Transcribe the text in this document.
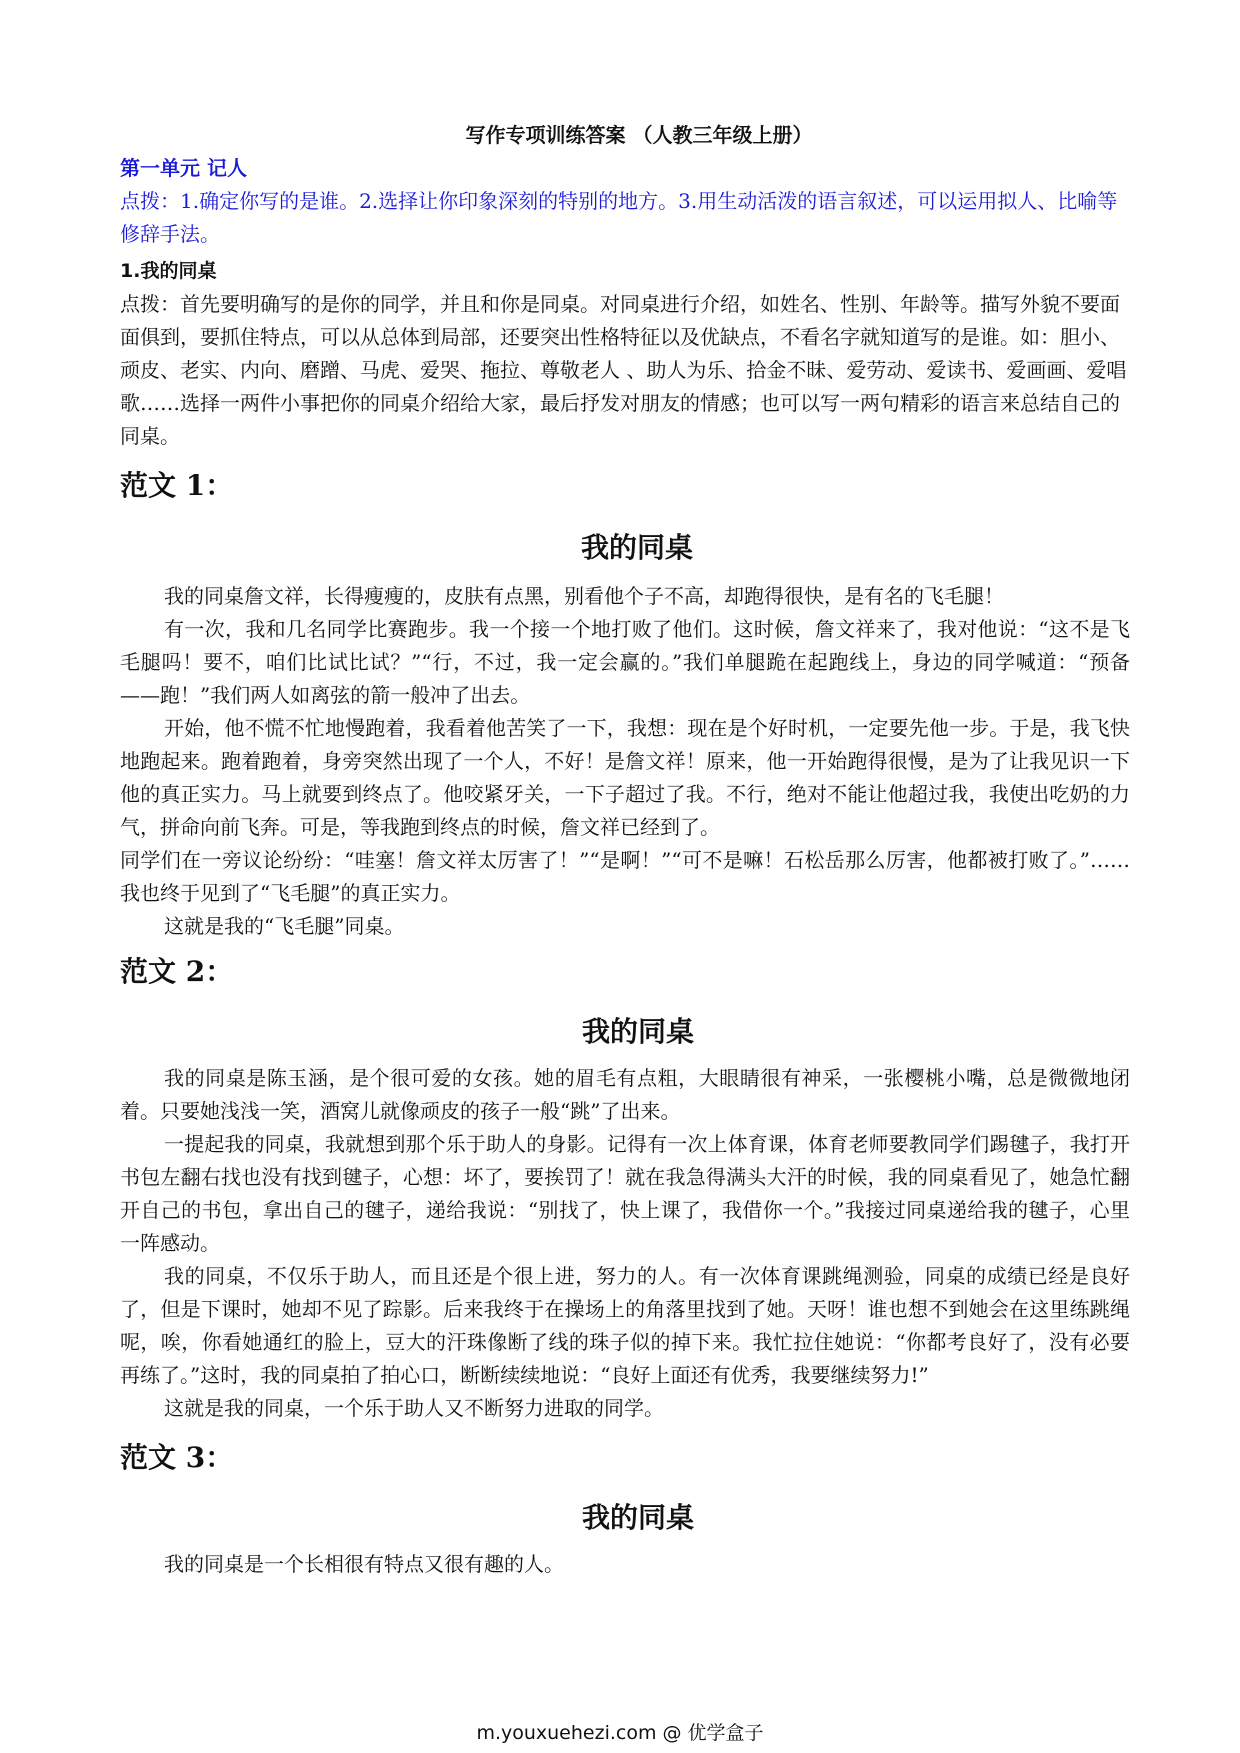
写作专项训练答案 （人教三年级上册）
第一单元 记人
点拨：1.确定你写的是谁。2.选择让你印象深刻的特别的地方。3.用生动活泼的语言叙述，可以运用拟人、比喻等修辞手法。
1.我的同桌
点拨：首先要明确写的是你的同学，并且和你是同桌。对同桌进行介绍，如姓名、性别、年龄等。描写外貌不要面面俱到，要抓住特点，可以从总体到局部，还要突出性格特征以及优缺点，不看名字就知道写的是谁。如：胆小、顽皮、老实、内向、磨蹭、马虎、爱哭、拖拉、尊敬老人 、助人为乐、拾金不昧、爱劳动、爱读书、爱画画、爱唱歌……选择一两件小事把你的同桌介绍给大家，最后抒发对朋友的情感；也可以写一两句精彩的语言来总结自己的同桌。
范文 1：
我的同桌
我的同桌詹文祥，长得瘦瘦的，皮肤有点黑，别看他个子不高，却跑得很快，是有名的飞毛腿！
有一次，我和几名同学比赛跑步。我一个接一个地打败了他们。这时候，詹文祥来了，我对他说：“这不是飞毛腿吗！要不，咱们比试比试？”“行，不过，我一定会赢的。”我们单腿跪在起跑线上，身边的同学喊道：“预备——跑！”我们两人如离弦的箭一般冲了出去。
开始，他不慌不忙地慢跑着，我看着他苦笑了一下，我想：现在是个好时机，一定要先他一步。于是，我飞快地跑起来。跑着跑着，身旁突然出现了一个人，不好！是詹文祥！原来，他一开始跑得很慢，是为了让我见识一下他的真正实力。马上就要到终点了。他咬紧牙关，一下子超过了我。不行，绝对不能让他超过我，我使出吃奶的力气，拼命向前飞奔。可是，等我跑到终点的时候，詹文祥已经到了。
同学们在一旁议论纷纷：“哇塞！詹文祥太厉害了！”“是啊！”“可不是嘛！石松岳那么厉害，他都被打败了。”……我也终于见到了“飞毛腿”的真正实力。
这就是我的“飞毛腿”同桌。
范文 2：
我的同桌
我的同桌是陈玉涵，是个很可爱的女孩。她的眉毛有点粗，大眼睛很有神采，一张樱桃小嘴，总是微微地闭着。只要她浅浅一笑，酒窝儿就像顽皮的孩子一般“跳”了出来。
一提起我的同桌，我就想到那个乐于助人的身影。记得有一次上体育课，体育老师要教同学们踢毽子，我打开书包左翻右找也没有找到毽子，心想：坏了，要挨罚了！就在我急得满头大汗的时候，我的同桌看见了，她急忙翻开自己的书包，拿出自己的毽子，递给我说：“别找了，快上课了，我借你一个。”我接过同桌递给我的毽子，心里一阵感动。
我的同桌，不仅乐于助人，而且还是个很上进，努力的人。有一次体育课跳绳测验，同桌的成绩已经是良好了，但是下课时，她却不见了踪影。后来我终于在操场上的角落里找到了她。天呀！谁也想不到她会在这里练跳绳呢，唉，你看她通红的脸上，豆大的汗珠像断了线的珠子似的掉下来。我忙拉住她说：“你都考良好了，没有必要再练了。”这时，我的同桌拍了拍心口，断断续续地说：“良好上面还有优秀，我要继续努力!”
这就是我的同桌，一个乐于助人又不断努力进取的同学。
范文 3：
我的同桌
我的同桌是一个长相很有特点又很有趣的人。
m.youxuehezi.com @ 优学盒子
